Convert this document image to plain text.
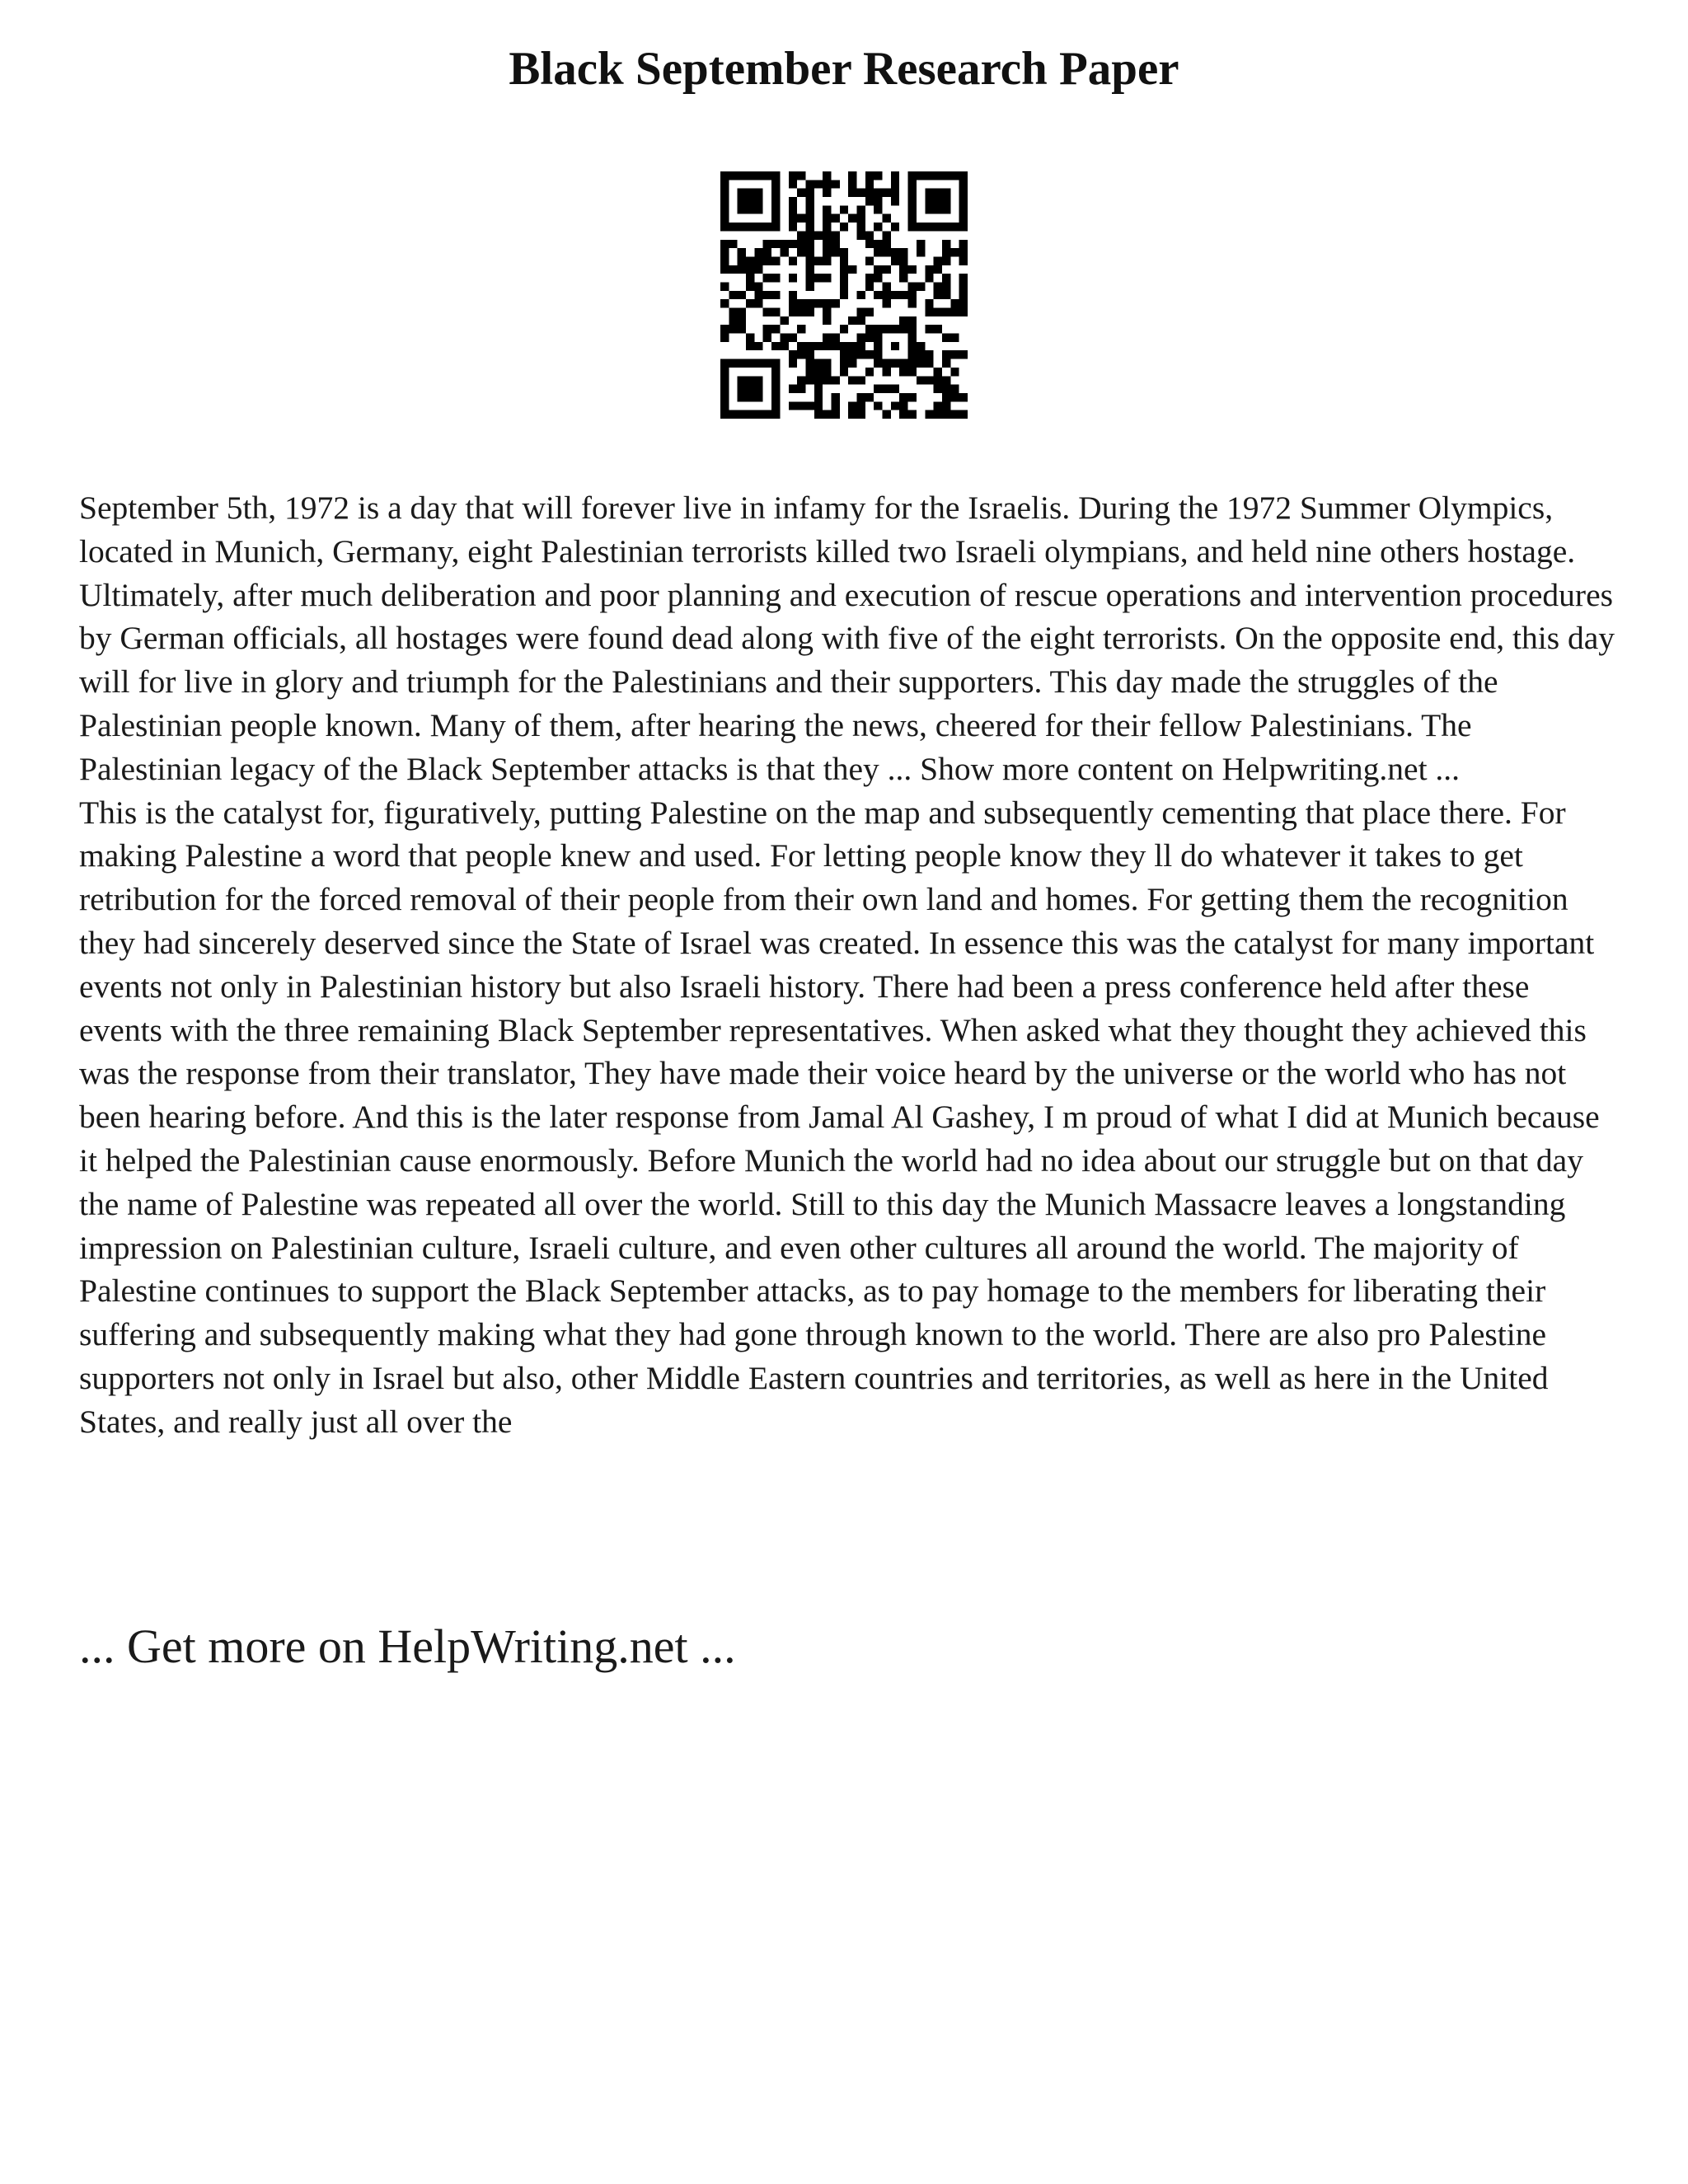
Black September Research Paper

September 5th, 1972 is a day that will forever live in infamy for the Israelis. During the 1972 Summer Olympics, located in Munich, Germany, eight Palestinian terrorists killed two Israeli olympians, and held nine others hostage. Ultimately, after much deliberation and poor planning and execution of rescue operations and intervention procedures by German officials, all hostages were found dead along with five of the eight terrorists. On the opposite end, this day will for live in glory and triumph for the Palestinians and their supporters. This day made the struggles of the Palestinian people known. Many of them, after hearing the news, cheered for their fellow Palestinians. The Palestinian legacy of the Black September attacks is that they ... Show more content on Helpwriting.net ...

This is the catalyst for, figuratively, putting Palestine on the map and subsequently cementing that place there. For making Palestine a word that people knew and used. For letting people know they ll do whatever it takes to get retribution for the forced removal of their people from their own land and homes. For getting them the recognition they had sincerely deserved since the State of Israel was created. In essence this was the catalyst for many important events not only in Palestinian history but also Israeli history. There had been a press conference held after these events with the three remaining Black September representatives. When asked what they thought they achieved this was the response from their translator, They have made their voice heard by the universe or the world who has not been hearing before. And this is the later response from Jamal Al Gashey, I m proud of what I did at Munich because it helped the Palestinian cause enormously. Before Munich the world had no idea about our struggle but on that day the name of Palestine was repeated all over the world. Still to this day the Munich Massacre leaves a longstanding impression on Palestinian culture, Israeli culture, and even other cultures all around the world. The majority of Palestine continues to support the Black September attacks, as to pay homage to the members for liberating their suffering and subsequently making what they had gone through known to the world. There are also pro Palestine supporters not only in Israel but also, other Middle Eastern countries and territories, as well as here in the United States, and really just all over the

... Get more on HelpWriting.net ...
